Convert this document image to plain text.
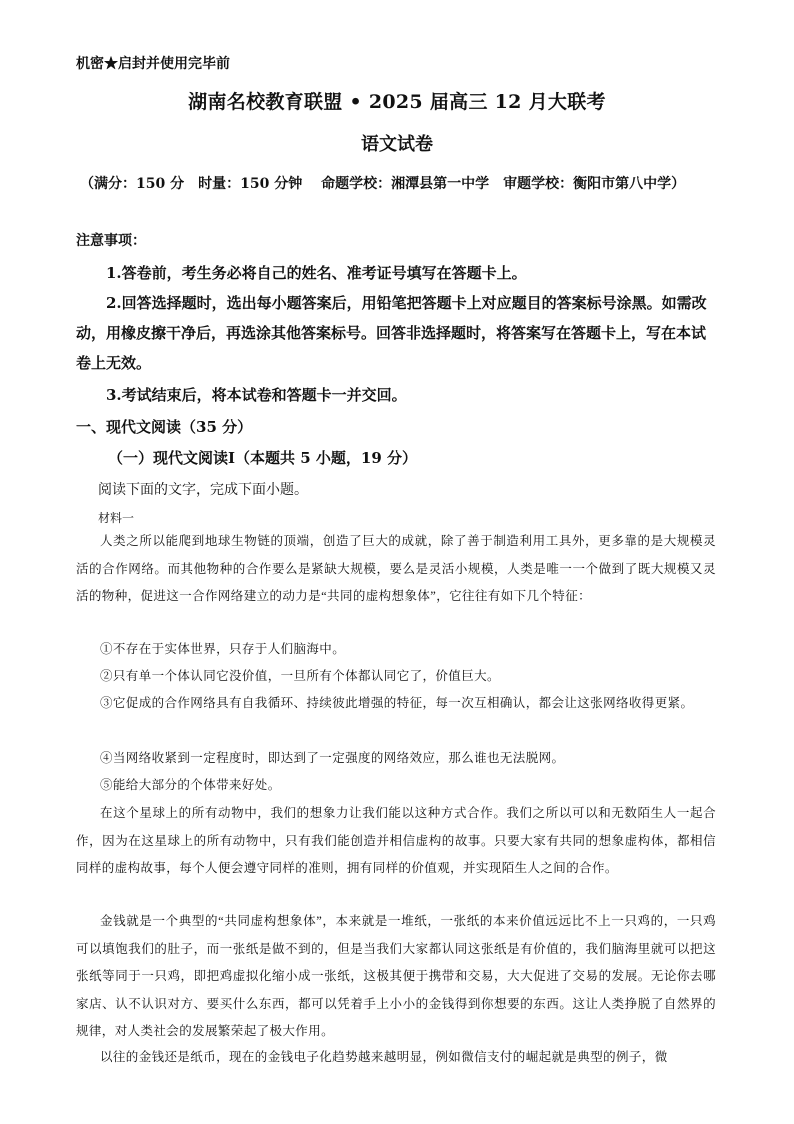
机密★启封并使用完毕前
湖南名校教育联盟 • 2025 届高三 12 月大联考
语文试卷
（满分：150 分　时量：150 分钟　 命题学校：湘潭县第一中学　审题学校：衡阳市第八中学）
注意事项：
1.答卷前，考生务必将自己的姓名、准考证号填写在答题卡上。
2.回答选择题时，选出每小题答案后，用铅笔把答题卡上对应题目的答案标号涂黑。如需改动，用橡皮擦干净后，再选涂其他答案标号。回答非选择题时，将答案写在答题卡上，写在本试卷上无效。
3.考试结束后，将本试卷和答题卡一并交回。
一、现代文阅读（35 分）
（一）现代文阅读Ⅰ（本题共 5 小题，19 分）
阅读下面的文字，完成下面小题。
材料一
人类之所以能爬到地球生物链的顶端，创造了巨大的成就，除了善于制造利用工具外，更多靠的是大规模灵活的合作网络。而其他物种的合作要么是紧缺大规模，要么是灵活小规模，人类是唯一一个做到了既大规模又灵活的物种，促进这一合作网络建立的动力是“共同的虚构想象体”，它往往有如下几个特征：
①不存在于实体世界，只存于人们脑海中。
②只有单一个体认同它没价值，一旦所有个体都认同它了，价值巨大。
③它促成的合作网络具有自我循环、持续彼此增强的特征，每一次互相确认，都会让这张网络收得更紧。
④当网络收紧到一定程度时，即达到了一定强度的网络效应，那么谁也无法脱网。
⑤能给大部分的个体带来好处。
在这个星球上的所有动物中，我们的想象力让我们能以这种方式合作。我们之所以可以和无数陌生人一起合作，因为在这星球上的所有动物中，只有我们能创造并相信虚构的故事。只要大家有共同的想象虚构体，都相信同样的虚构故事，每个人便会遵守同样的准则，拥有同样的价值观，并实现陌生人之间的合作。
金钱就是一个典型的“共同虚构想象体”，本来就是一堆纸，一张纸的本来价值远远比不上一只鸡的，一只鸡可以填饱我们的肚子，而一张纸是做不到的，但是当我们大家都认同这张纸是有价值的，我们脑海里就可以把这张纸等同于一只鸡，即把鸡虚拟化缩小成一张纸，这极其便于携带和交易，大大促进了交易的发展。无论你去哪家店、认不认识对方、要买什么东西，都可以凭着手上小小的金钱得到你想要的东西。这让人类挣脱了自然界的规律，对人类社会的发展繁荣起了极大作用。
以往的金钱还是纸币，现在的金钱电子化趋势越来越明显，例如微信支付的崛起就是典型的例子，微
